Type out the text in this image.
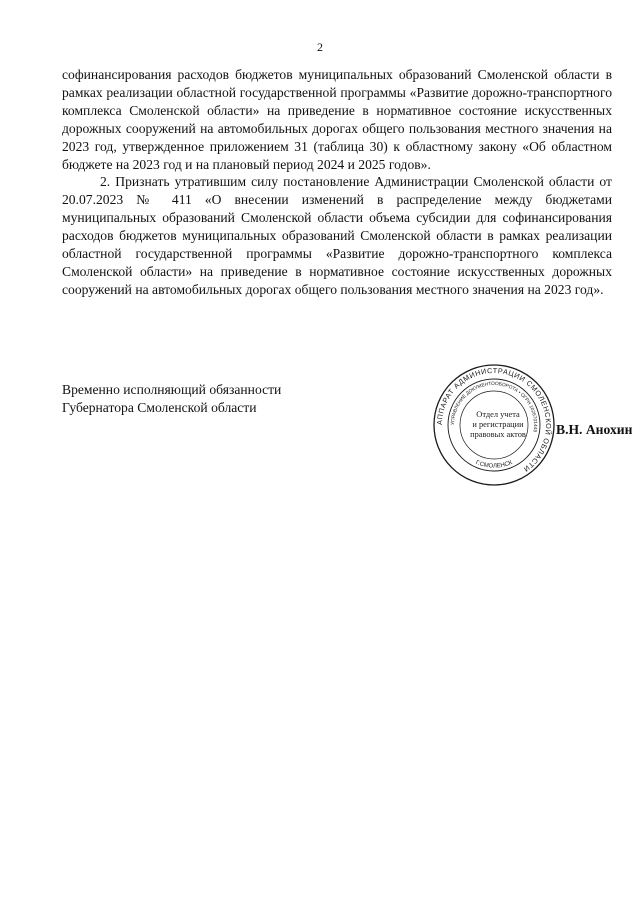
2

софинансирования расходов бюджетов муниципальных образований Смоленской области в рамках реализации областной государственной программы «Развитие дорожно-транспортного комплекса Смоленской области» на приведение в нормативное состояние искусственных дорожных сооружений на автомобильных дорогах общего пользования местного значения на 2023 год, утвержденное приложением 31 (таблица 30) к областному закону «Об областном бюджете на 2023 год и на плановый период 2024 и 2025 годов».

2. Признать утратившим силу постановление Администрации Смоленской области от 20.07.2023 № 411 «О внесении изменений в распределение между бюджетами муниципальных образований Смоленской области объема субсидии для софинансирования расходов бюджетов муниципальных образований Смоленской области в рамках реализации областной государственной программы «Развитие дорожно-транспортного комплекса Смоленской области» на приведение в нормативное состояние искусственных дорожных сооружений на автомобильных дорогах общего пользования местного значения на 2023 год».

Временно исполняющий обязанности
Губернатора Смоленской области
АППАРАТ АДМИНИСТРАЦИИ СМОЛЕНСКОЙ ОБЛАСТИ
УПРАВЛЕНИЕ ДОКУМЕНТООБОРОТА • ОГРН 1026701449
Г.СМОЛЕНСК
Отдел учета
и регистрации
правовых актов В.Н. Анохин
